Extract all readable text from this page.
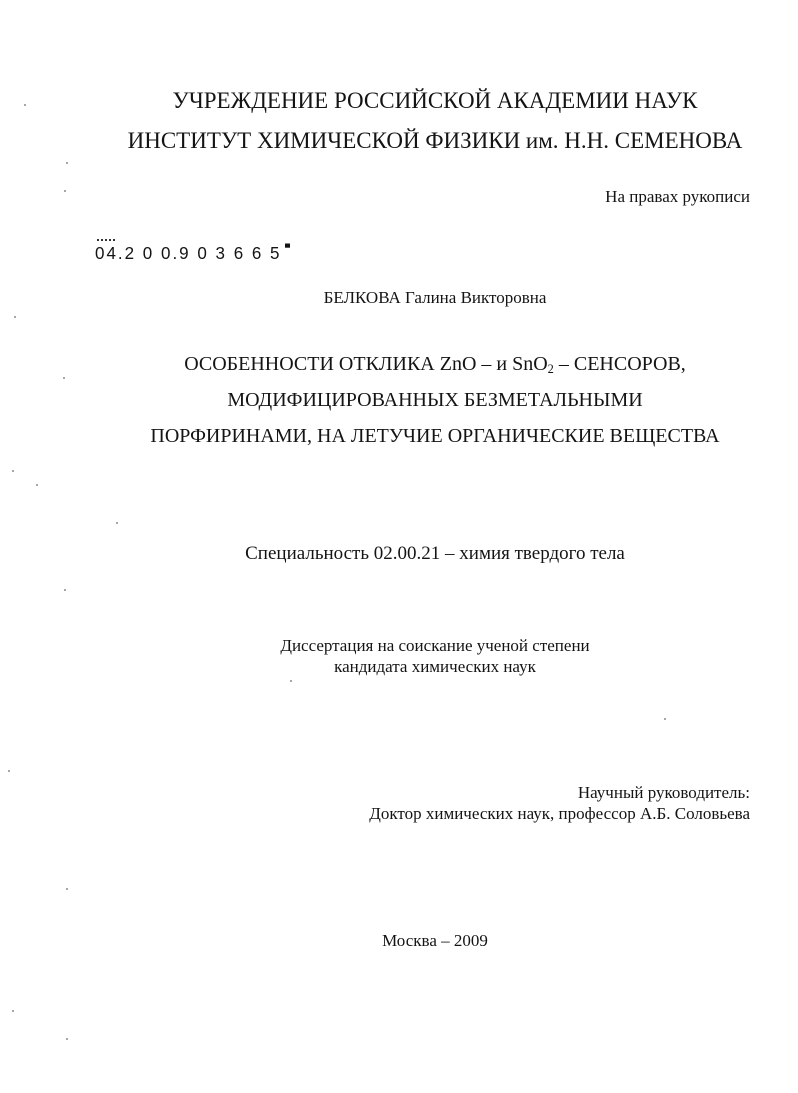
УЧРЕЖДЕНИЕ РОССИЙСКОЙ АКАДЕМИИ НАУК
ИНСТИТУТ ХИМИЧЕСКОЙ ФИЗИКИ им. Н.Н. СЕМЕНОВА
На правах рукописи
04.2 0 0.9 0 3 6 6 5
БЕЛКОВА Галина Викторовна
ОСОБЕННОСТИ ОТКЛИКА ZnO – и SnO$_2$ – СЕНСОРОВ,
МОДИФИЦИРОВАННЫХ БЕЗМЕТАЛЬНЫМИ
ПОРФИРИНАМИ, НА ЛЕТУЧИЕ ОРГАНИЧЕСКИЕ ВЕЩЕСТВА
Специальность 02.00.21 – химия твердого тела
Диссертация на соискание ученой степени
кандидата химических наук
Научный руководитель:
Доктор химических наук, профессор А.Б. Соловьева
Москва – 2009
